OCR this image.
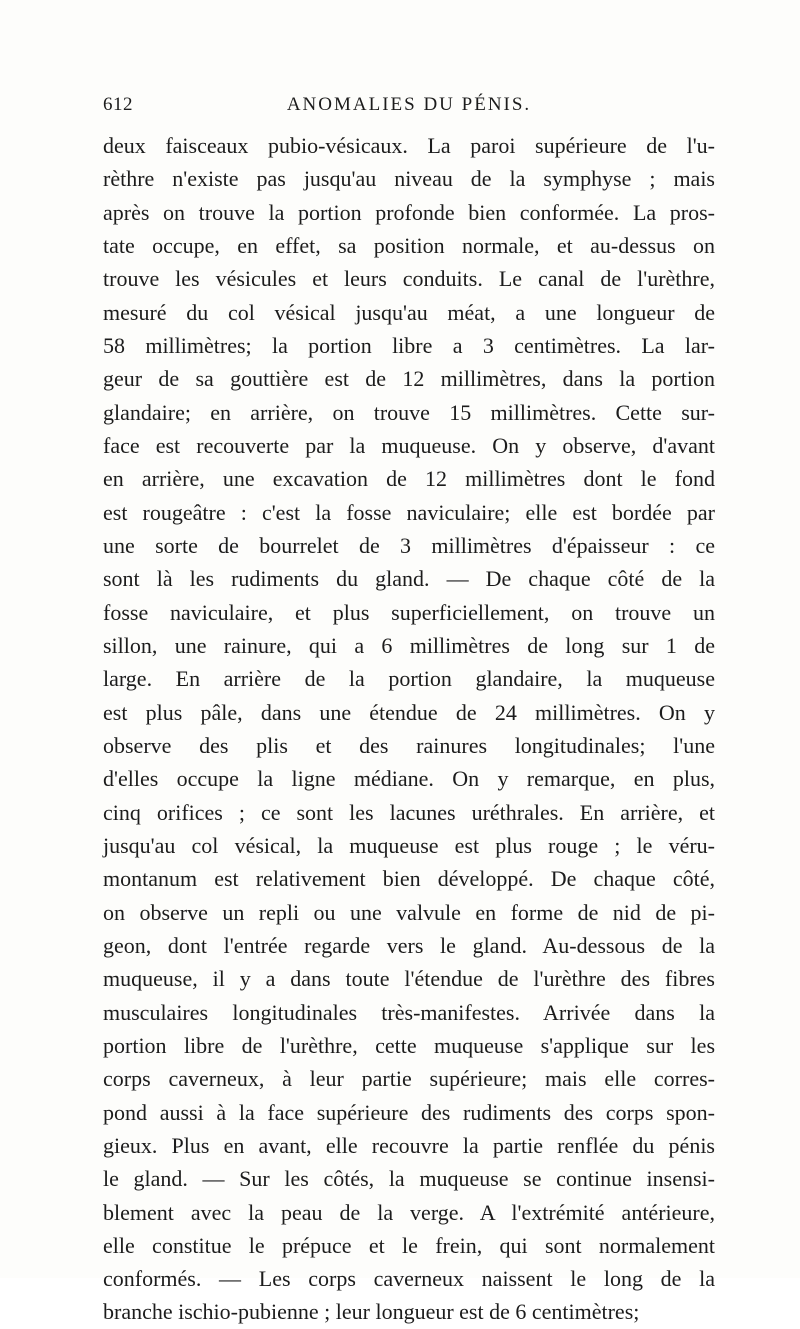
612	ANOMALIES DU PÉNIS.
deux faisceaux pubio-vésicaux. La paroi supérieure de l'u-
rèthre n'existe pas jusqu'au niveau de la symphyse ; mais
après on trouve la portion profonde bien conformée. La pros-
tate occupe, en effet, sa position normale, et au-dessus on
trouve les vésicules et leurs conduits. Le canal de l'urèthre,
mesuré du col vésical jusqu'au méat, a une longueur de
58 millimètres; la portion libre a 3 centimètres. La lar-
geur de sa gouttière est de 12 millimètres, dans la portion
glandaire; en arrière, on trouve 15 millimètres. Cette sur-
face est recouverte par la muqueuse. On y observe, d'avant
en arrière, une excavation de 12 millimètres dont le fond
est rougeâtre : c'est la fosse naviculaire; elle est bordée par
une sorte de bourrelet de 3 millimètres d'épaisseur : ce
sont là les rudiments du gland. — De chaque côté de la
fosse naviculaire, et plus superficiellement, on trouve un
sillon, une rainure, qui a 6 millimètres de long sur 1 de
large. En arrière de la portion glandaire, la muqueuse
est plus pâle, dans une étendue de 24 millimètres. On y
observe des plis et des rainures longitudinales; l'une
d'elles occupe la ligne médiane. On y remarque, en plus,
cinq orifices ; ce sont les lacunes uréthrales. En arrière, et
jusqu'au col vésical, la muqueuse est plus rouge ; le véru-
montanum est relativement bien développé. De chaque côté,
on observe un repli ou une valvule en forme de nid de pi-
geon, dont l'entrée regarde vers le gland. Au-dessous de la
muqueuse, il y a dans toute l'étendue de l'urèthre des fibres
musculaires longitudinales très-manifestes. Arrivée dans la
portion libre de l'urèthre, cette muqueuse s'applique sur les
corps caverneux, à leur partie supérieure; mais elle corres-
pond aussi à la face supérieure des rudiments des corps spon-
gieux. Plus en avant, elle recouvre la partie renflée du pénis
le gland. — Sur les côtés, la muqueuse se continue insensi-
blement avec la peau de la verge. A l'extrémité antérieure,
elle constitue le prépuce et le frein, qui sont normalement
conformés. — Les corps caverneux naissent le long de la
branche ischio-pubienne ; leur longueur est de 6 centimètres;
